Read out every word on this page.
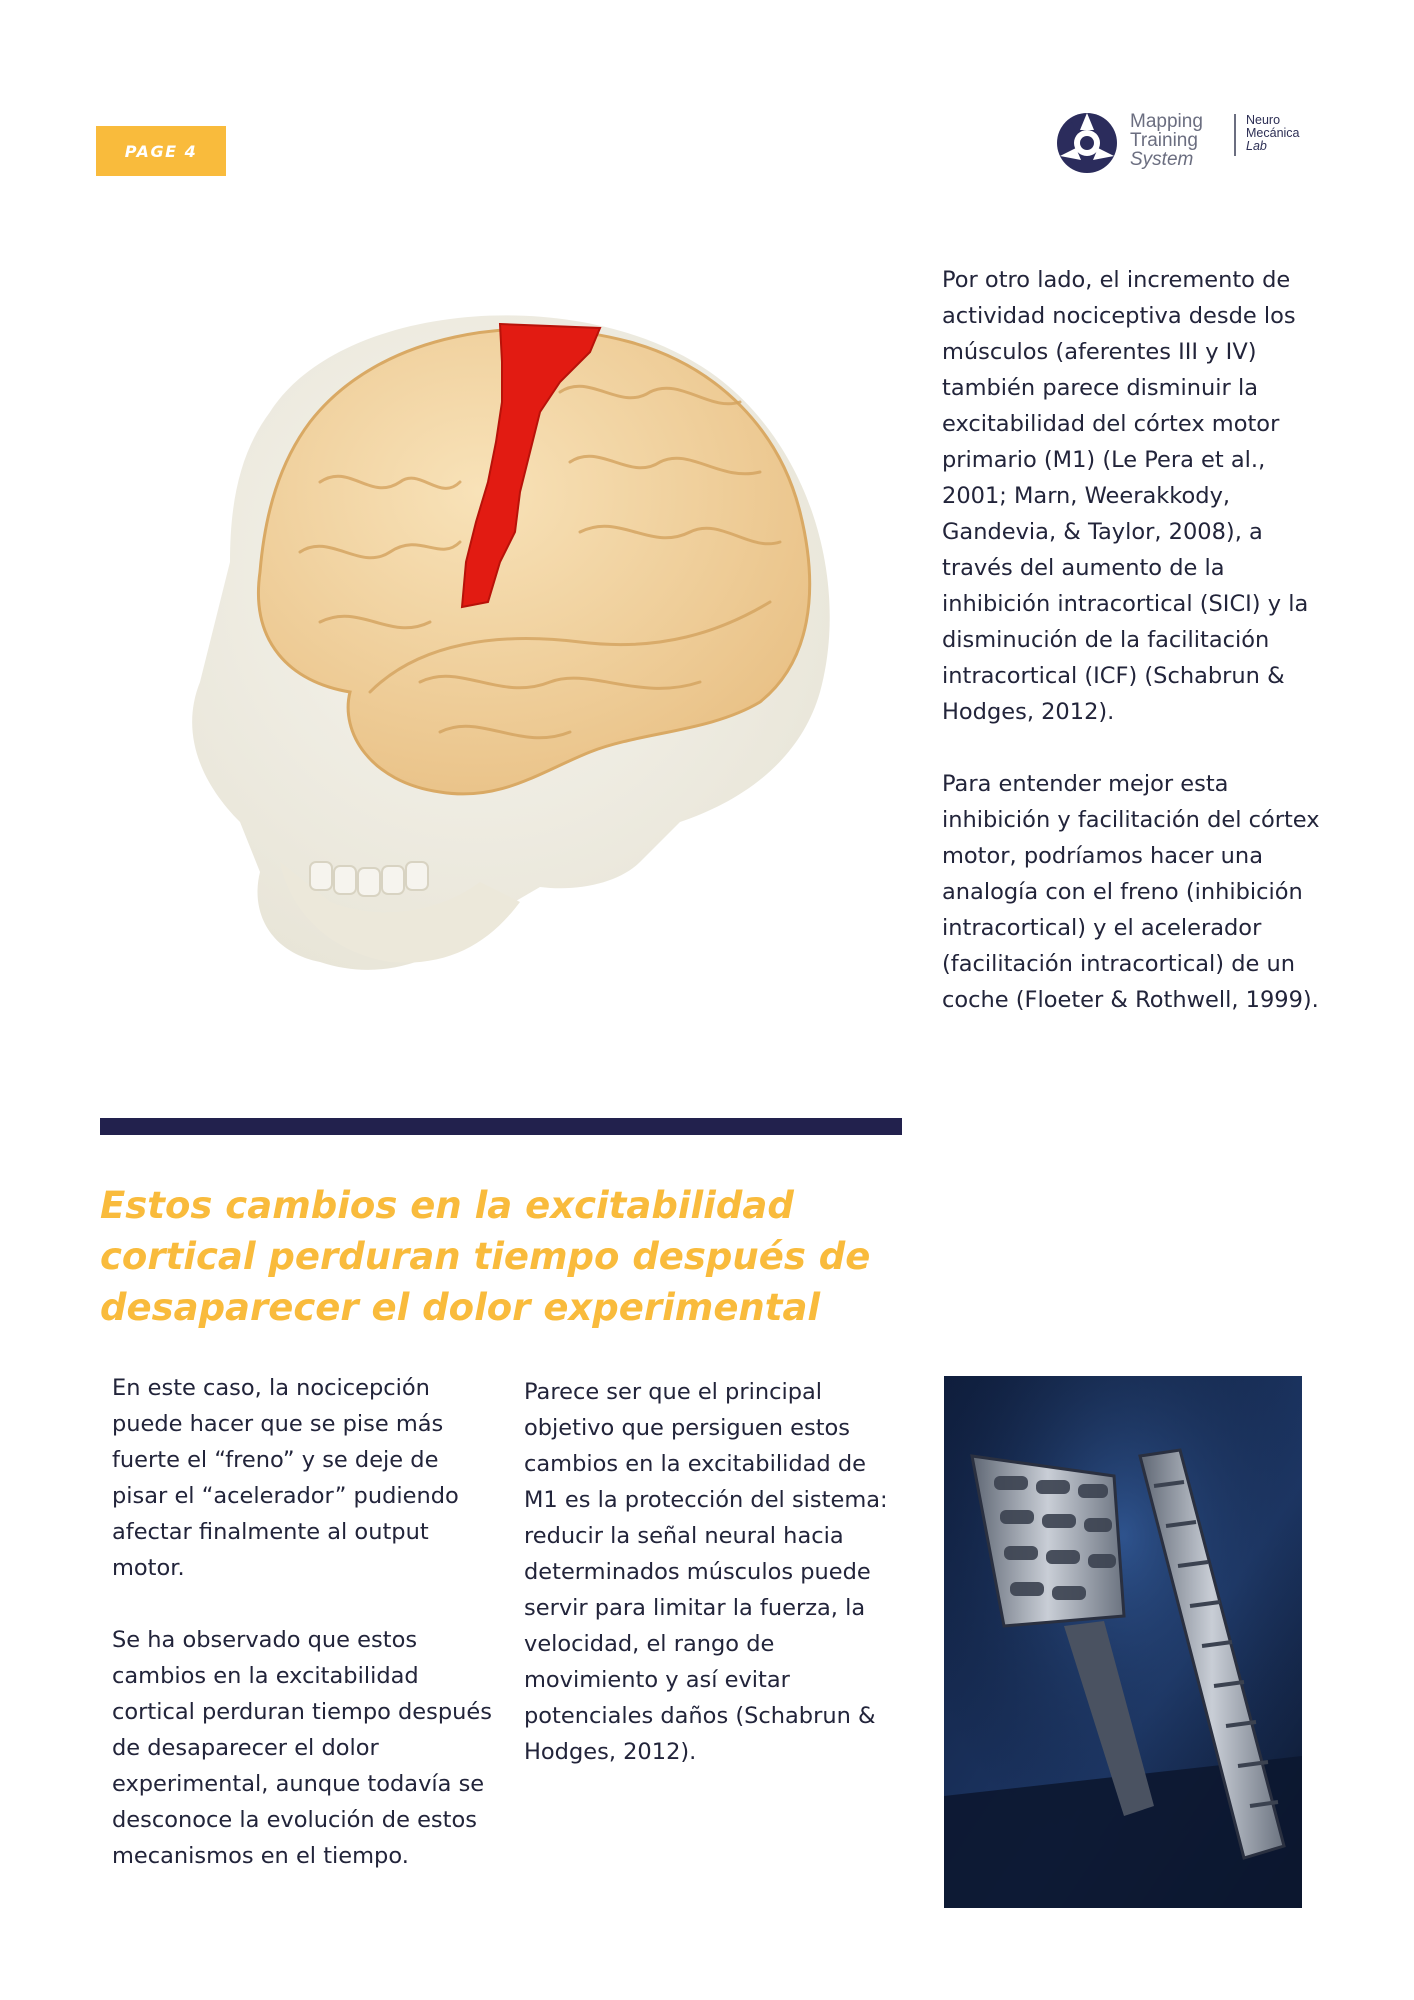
PAGE 4
Mapping
Training
System
Neuro
Mecánica
Lab

Por otro lado, el incremento de actividad nociceptiva desde los músculos (aferentes III y IV) también parece disminuir la excitabilidad del córtex motor primario (M1) (Le Pera et al., 2001; Marn, Weerakkody, Gandevia, & Taylor, 2008), a través del aumento de la inhibición intracortical (SICI) y la disminución de la facilitación intracortical (ICF) (Schabrun & Hodges, 2012).

Para entender mejor esta inhibición y facilitación del córtex motor, podríamos hacer una analogía con el freno (inhibición intracortical) y el acelerador (facilitación intracortical) de un coche (Floeter & Rothwell, 1999).

Estos cambios en la excitabilidad cortical perduran tiempo después de desaparecer el dolor experimental

En este caso, la nocicepción puede hacer que se pise más fuerte el “freno” y se deje de pisar el “acelerador” pudiendo afectar finalmente al output motor.

Se ha observado que estos cambios en la excitabilidad cortical perduran tiempo después de desaparecer el dolor experimental, aunque todavía se desconoce la evolución de estos mecanismos en el tiempo.

Parece ser que el principal objetivo que persiguen estos cambios en la excitabilidad de M1 es la protección del sistema: reducir la señal neural hacia determinados músculos puede servir para limitar la fuerza, la velocidad, el rango de movimiento y así evitar potenciales daños (Schabrun & Hodges, 2012).
